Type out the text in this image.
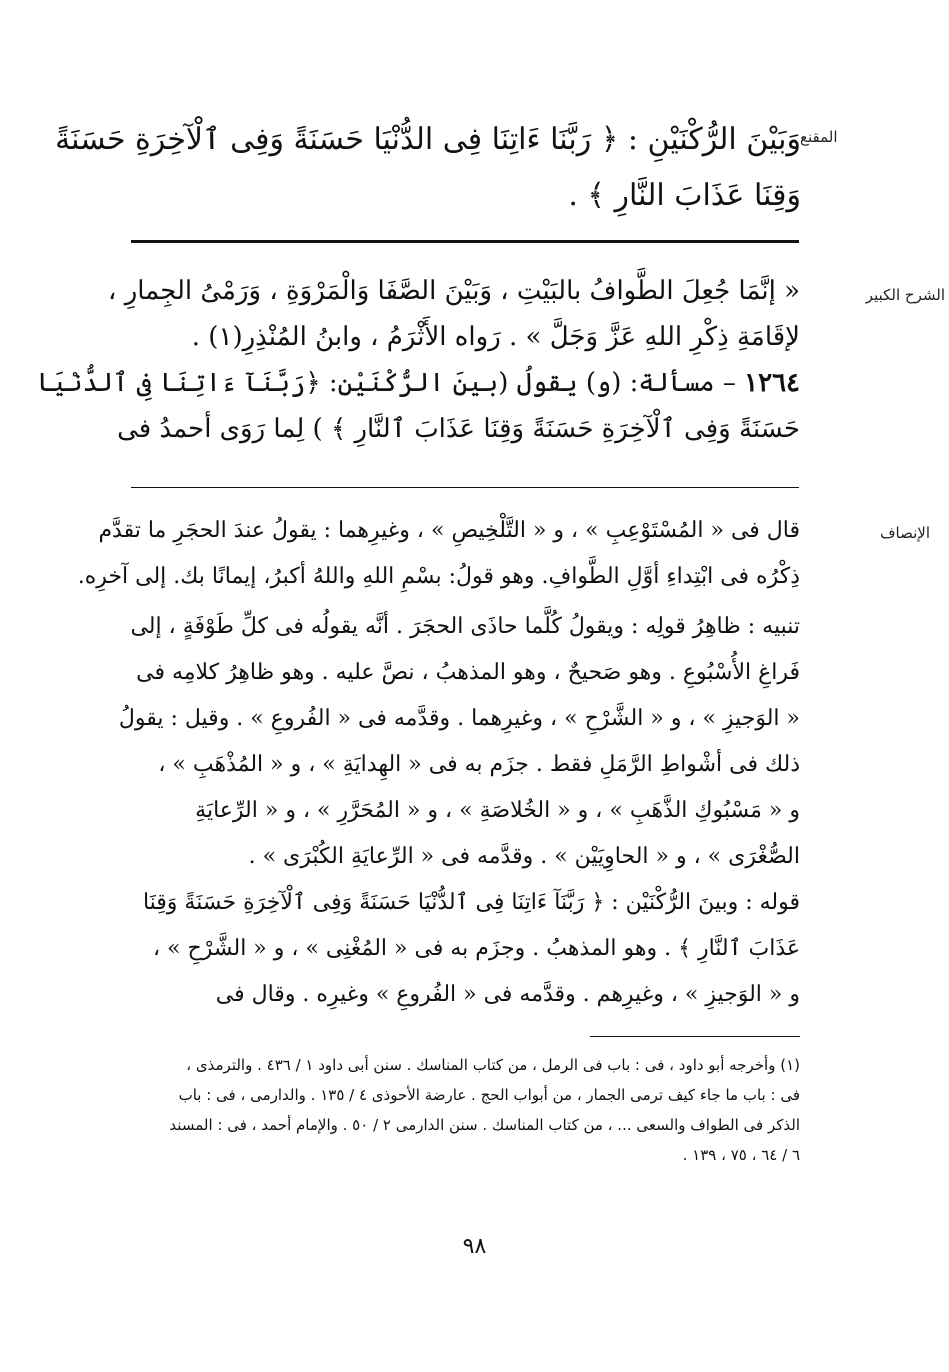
المقنع
وَبَيْنَ الرُّكْنَيْنِ : ﴿ رَبَّنَا ءَاتِنَا فِى الدُّنْيَا حَسَنَةً وَفِى ٱلْآخِرَةِ حَسَنَةً
وَقِنَا عَذَابَ النَّارِ ﴾ .
الشرح الكبير
« إنَّمَا جُعِلَ الطَّوافُ بالبَيْتِ ، وَبَيْنَ الصَّفَا وَالْمَرْوَةِ ، وَرَمْىُ الجِمارِ ،
لإقَامَةِ ذِكْرِ اللهِ عَزَّ وَجَلَّ » . رَواه الأَثْرَمُ ، وابنُ المُنْذِرِ(١) .
١٢٦٤ – مسألة: (و) يقولُ (بينَ الرُّكْنَيْن: ﴿رَبَّنَآ ءَاتِنَا فِى ٱلدُّنْيَا
حَسَنَةً وَفِى ٱلْآخِرَةِ حَسَنَةً وَقِنَا عَذَابَ ٱلنَّارِ ﴾ ) لِما رَوَى أحمدُ فى
الإنصاف
قال فى « المُسْتَوْعِبِ » ، و « التَّلْخِيصِ » ، وغيرِهما : يقولُ عندَ الحجَرِ ما تقدَّم
ذِكْرُه فى ابْتِداءِ أوَّلِ الطَّوافِ. وهو قولُ: بسْمِ اللهِ واللهُ أكبرُ، إيمانًا بك. إلى آخرِه.
تنبيه : ظاهِرُ قولِه : ويقولُ كُلَّما حاذَى الحجَرَ . أنَّه يقولُه فى كلِّ طَوْفَةٍ ، إلى
فَراغِ الأُسْبُوعِ . وهو صَحيحٌ ، وهو المذهبُ ، نصَّ عليه . وهو ظاهِرُ كلامِه فى
« الوَجيزِ » ، و « الشَّرْحِ » ، وغيرِهما . وقدَّمه فى « الفُروعِ » . وقيل : يقولُ
ذلك فى أشْواطِ الرَّمَلِ فقط . جزَم به فى « الهِدايَةِ » ، و « المُذْهَبِ » ،
و « مَسْبُوكِ الذَّهَبِ » ، و « الخُلاصَةِ » ، و « المُحَرَّرِ » ، و « الرِّعايَةِ
الصُّغْرَى » ، و « الحاوِيَيْن » . وقدَّمه فى « الرِّعايَةِ الكُبْرَى » .
قوله : وبينَ الرُّكْنَيْن : ﴿ رَبَّنَآ ءَاتِنَا فِى ٱلدُّنْيَا حَسَنَةً وَفِى ٱلْآخِرَةِ حَسَنَةً وَقِنَا
عَذَابَ ٱلنَّارِ ﴾ . وهو المذهبُ . وجزَم به فى « المُغْنِى » ، و « الشَّرْحِ » ،
و « الوَجيزِ » ، وغيرِهم . وقدَّمه فى « الفُروعِ » وغيرِه . وقال فى
(١) وأخرجه أبو داود ، فى : باب فى الرمل ، من كتاب المناسك . سنن أبى داود ١ / ٤٣٦ . والترمذى ،
فى : باب ما جاء كيف ترمى الجمار ، من أبواب الحج . عارضة الأحوذى ٤ / ١٣٥ . والدارمى ، فى : باب
الذكر فى الطواف والسعى ... ، من كتاب المناسك . سنن الدارمى ٢ / ٥٠ . والإمام أحمد ، فى : المسند
٦ / ٦٤ ، ٧٥ ، ١٣٩ .
٩٨
